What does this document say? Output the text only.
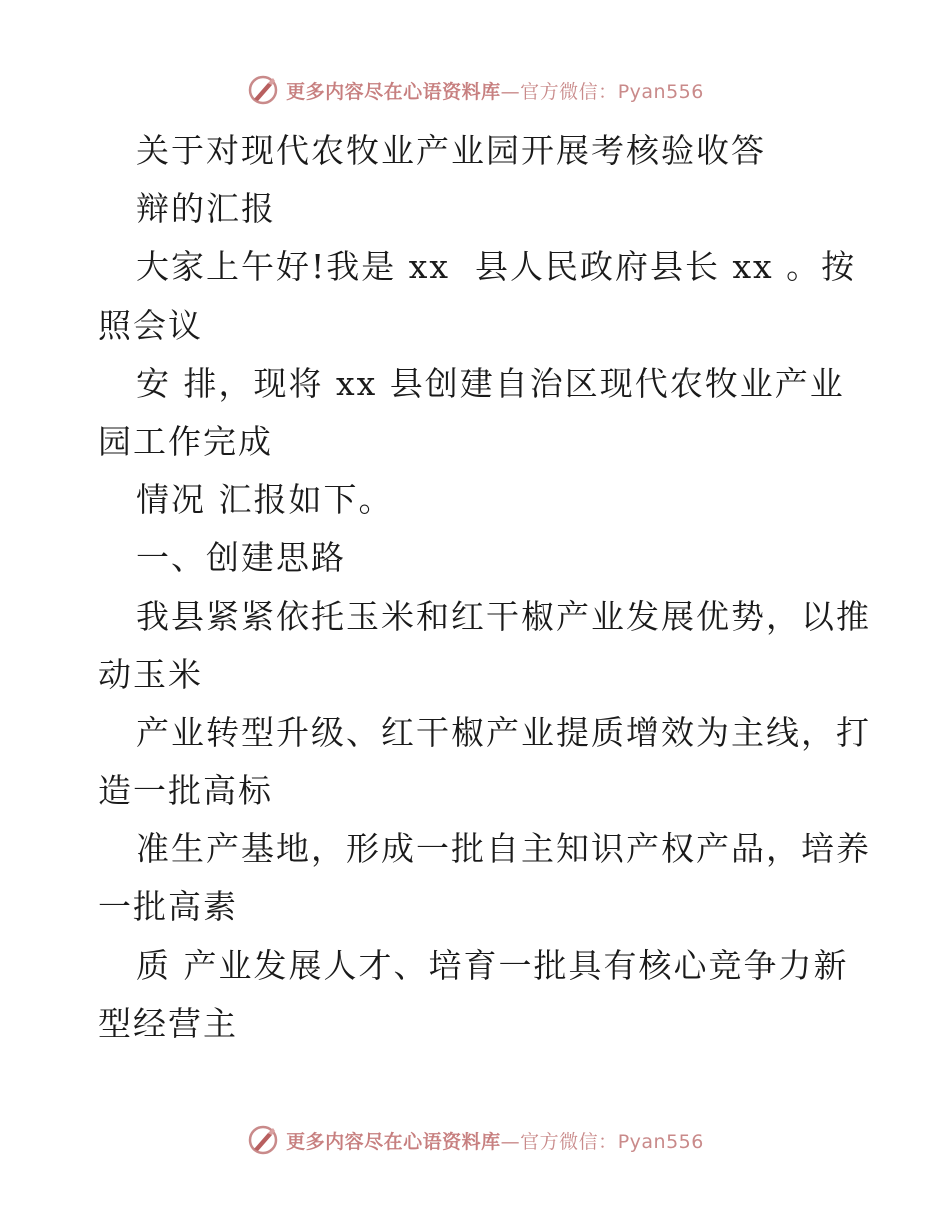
更多内容尽在心语资料库—官方微信：Pyan556
关于对现代农牧业产业园开展考核验收答
辩的汇报
大家上午好!我是 xx  县人民政府县长 xx 。按
照会议
安 排，现将 xx 县创建自治区现代农牧业产业
园工作完成
情况 汇报如下。
一、创建思路
我县紧紧依托玉米和红干椒产业发展优势，以推
动玉米
产业转型升级、红干椒产业提质增效为主线，打
造一批高标
准生产基地，形成一批自主知识产权产品，培养
一批高素
质 产业发展人才、培育一批具有核心竞争力新
型经营主
更多内容尽在心语资料库—官方微信：Pyan556
